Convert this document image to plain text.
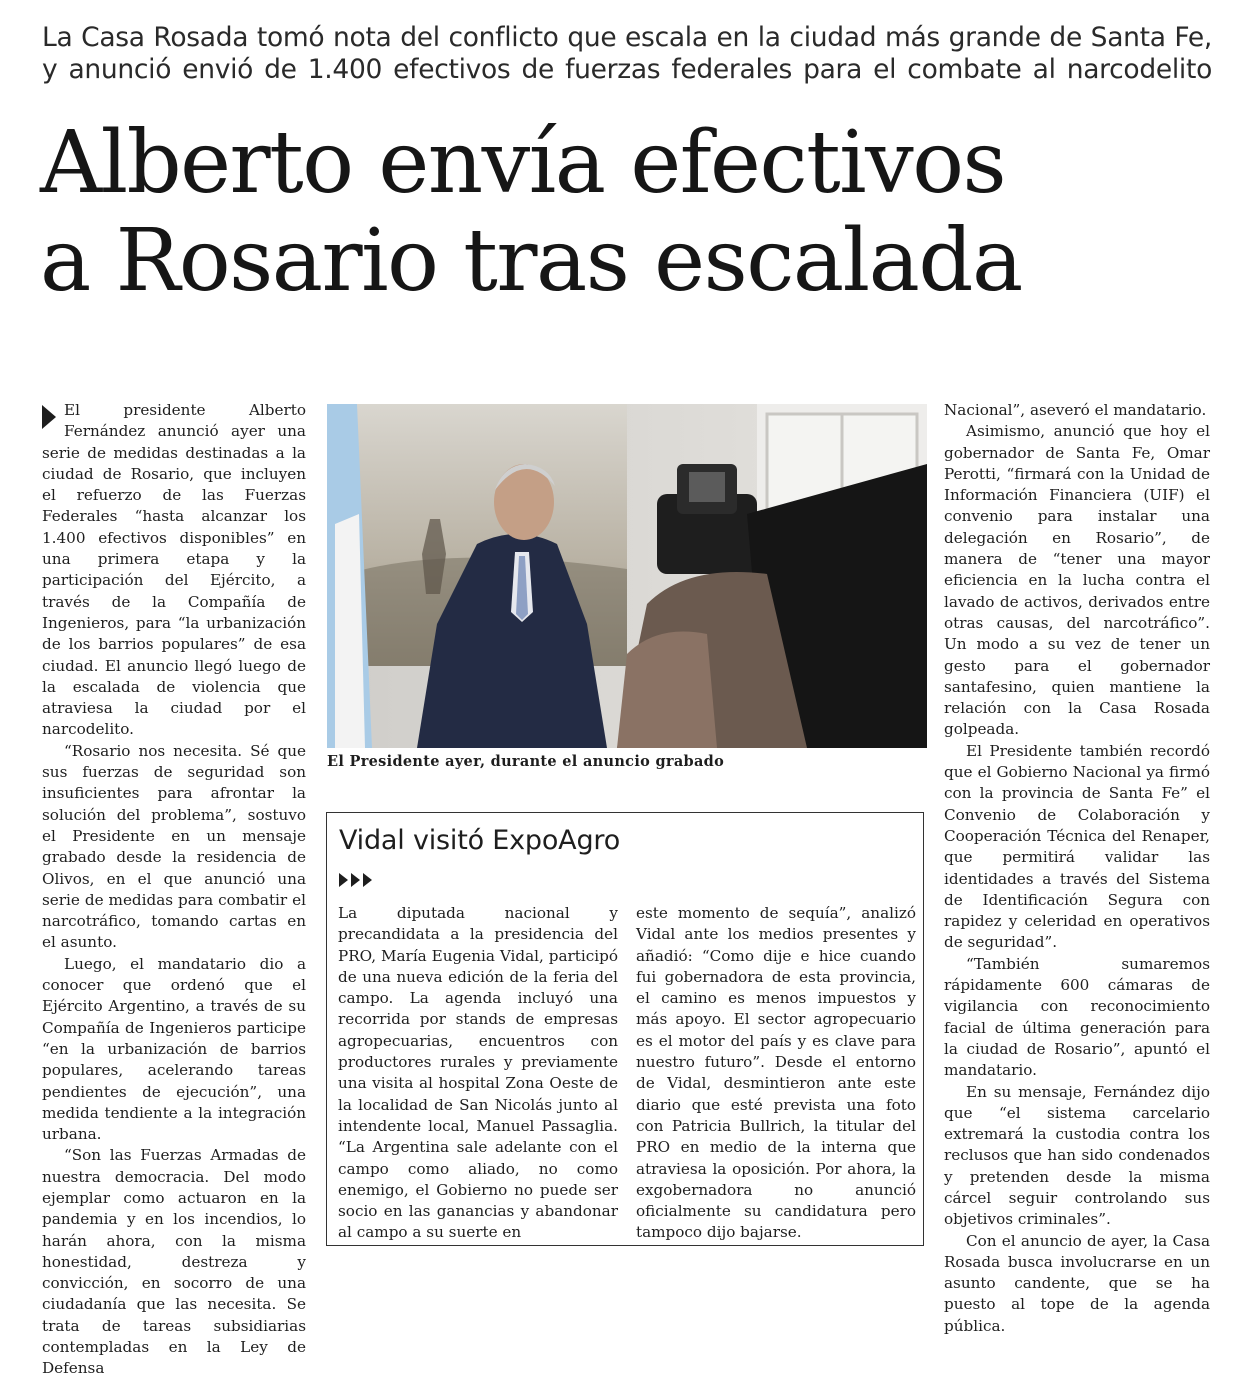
La Casa Rosada tomó nota del conflicto que escala en la ciudad más grande de Santa Fe,
y anunció envió de 1.400 efectivos de fuerzas federales para el combate al narcodelito
Alberto envía efectivos
a Rosario tras escalada

El presidente Alberto Fernández anunció ayer una serie de medidas destinadas a la ciudad de Rosario, que incluyen el refuerzo de las Fuerzas Federales “hasta alcanzar los 1.400 efectivos disponibles” en una primera etapa y la participación del Ejército, a través de la Compañía de Ingenieros, para “la urbanización de los barrios populares” de esa ciudad. El anuncio llegó luego de la escalada de violencia que atraviesa la ciudad por el narcodelito.

“Rosario nos necesita. Sé que sus fuerzas de seguridad son insuficientes para afrontar la solución del problema”, sostuvo el Presidente en un mensaje grabado desde la residencia de Olivos, en el que anunció una serie de medidas para combatir el narcotráfico, tomando cartas en el asunto.

Luego, el mandatario dio a conocer que ordenó que el Ejército Argentino, a través de su Compañía de Ingenieros participe “en la urbanización de barrios populares, acelerando tareas pendientes de ejecución”, una medida tendiente a la integración urbana.

“Son las Fuerzas Armadas de nuestra democracia. Del modo ejemplar como actuaron en la pandemia y en los incendios, lo harán ahora, con la misma honestidad, destreza y convicción, en socorro de una ciudadanía que las necesita. Se trata de tareas subsidiarias contempladas en la Ley de Defensa

El Presidente ayer, durante el anuncio grabado
Vidal visitó ExpoAgro

La diputada nacional y precandidata a la presidencia del PRO, María Eugenia Vidal, participó de una nueva edición de la feria del campo. La agenda incluyó una recorrida por stands de empresas agropecuarias, encuentros con productores rurales y previamente una visita al hospital Zona Oeste de la localidad de San Nicolás junto al intendente local, Manuel Passaglia. “La Argentina sale adelante con el campo como aliado, no como enemigo, el Gobierno no puede ser socio en las ganancias y abandonar al campo a su suerte en

este momento de sequía”, analizó Vidal ante los medios presentes y añadió: “Como dije e hice cuando fui gobernadora de esta provincia, el camino es menos impuestos y más apoyo. El sector agropecuario es el motor del país y es clave para nuestro futuro”. Desde el entorno de Vidal, desmintieron ante este diario que esté prevista una foto con Patricia Bullrich, la titular del PRO en medio de la interna que atraviesa la oposición. Por ahora, la exgobernadora no anunció oficialmente su candidatura pero tampoco dijo bajarse.

Nacional”, aseveró el mandatario.

Asimismo, anunció que hoy el gobernador de Santa Fe, Omar Perotti, “firmará con la Unidad de Información Financiera (UIF) el convenio para instalar una delegación en Rosario”, de manera de “tener una mayor eficiencia en la lucha contra el lavado de activos, derivados entre otras causas, del narcotráfico”. Un modo a su vez de tener un gesto para el gobernador santafesino, quien mantiene la relación con la Casa Rosada golpeada.

El Presidente también recordó que el Gobierno Nacional ya firmó con la provincia de Santa Fe” el Convenio de Colaboración y Cooperación Técnica del Renaper, que permitirá validar las identidades a través del Sistema de Identificación Segura con rapidez y celeridad en operativos de seguridad”.

“También sumaremos rápidamente 600 cámaras de vigilancia con reconocimiento facial de última generación para la ciudad de Rosario”, apuntó el mandatario.

En su mensaje, Fernández dijo que “el sistema carcelario extremará la custodia contra los reclusos que han sido condenados y pretenden desde la misma cárcel seguir controlando sus objetivos criminales”.

Con el anuncio de ayer, la Casa Rosada busca involucrarse en un asunto candente, que se ha puesto al tope de la agenda pública.
